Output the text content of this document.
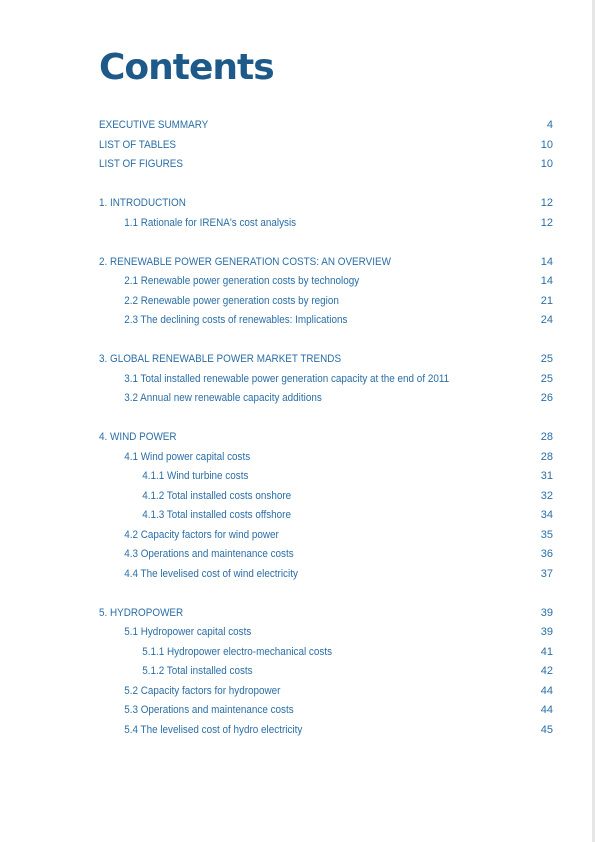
Contents
EXECUTIVE SUMMARY	4
LIST OF TABLES	10
LIST OF FIGURES	10
1. INTRODUCTION	12
1.1 Rationale for IRENA's cost analysis	12
2. RENEWABLE POWER GENERATION COSTS: AN OVERVIEW	14
2.1 Renewable power generation costs by technology	14
2.2 Renewable power generation costs by region	21
2.3 The declining costs of renewables: Implications	24
3. GLOBAL RENEWABLE POWER MARKET TRENDS	25
3.1 Total installed renewable power generation capacity at the end of 2011	25
3.2 Annual new renewable capacity additions	26
4. WIND POWER	28
4.1 Wind power capital costs	28
4.1.1 Wind turbine costs	31
4.1.2 Total installed costs onshore	32
4.1.3 Total installed costs offshore	34
4.2 Capacity factors for wind power	35
4.3 Operations and maintenance costs	36
4.4 The levelised cost of wind electricity	37
5. HYDROPOWER	39
5.1 Hydropower capital costs	39
5.1.1 Hydropower electro-mechanical costs	41
5.1.2 Total installed costs	42
5.2 Capacity factors for hydropower	44
5.3 Operations and maintenance costs	44
5.4 The levelised cost of hydro electricity	45
